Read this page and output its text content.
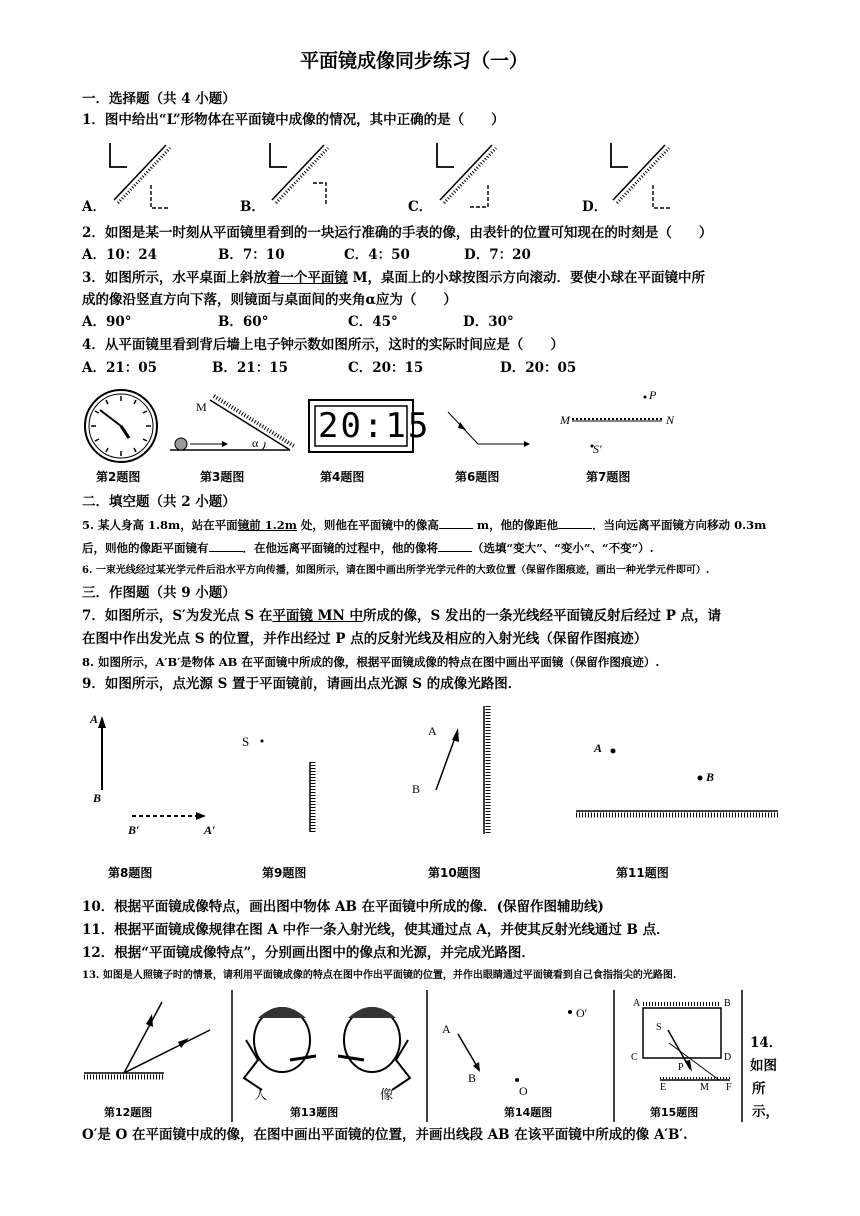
平面镜成像同步练习（一）
一．选择题（共 4 小题）
1．图中给出“L”形物体在平面镜中成像的情况，其中正确的是（　　）
A．	B．	C．	D．
2．如图是某一时刻从平面镜里看到的一块运行准确的手表的像，由表针的位置可知现在的时刻是（　　）
A．10：24	B．7：10	C．4：50	D．7：20
3．如图所示，水平桌面上斜放着一个平面镜 M，桌面上的小球按图示方向滚动．要使小球在平面镜中所
成的像沿竖直方向下落，则镜面与桌面间的夹角α应为（　　）
A．90°	B．60°	C．45°	D．30°
4．从平面镜里看到背后墙上电子钟示数如图所示，这时的实际时间应是（　　）
A．21：05	B．21：15	C．20：15	D．20：05
M
α 20:15	M	N
P
S′
第2题图	第3题图	第4题图	第6题图	第7题图
二．填空题（共 2 小题）
5. 某人身高 1.8m，站在平面镜前 1.2m 处，则他在平面镜中的像高	m，他的像距他	．当向远离平面镜方向移动 0.3m
后，则他的像距平面镜有	．在他远离平面镜的过程中，他的像将	（选填“变大”、“变小”、“不变”）.
6. 一束光线经过某光学元件后沿水平方向传播，如图所示，请在图中画出所学光学元件的大致位置（保留作图痕迹，画出一种光学元件即可）.
三．作图题（共 9 小题）
7．如图所示，S′为发光点 S 在平面镜 MN 中所成的像，S 发出的一条光线经平面镜反射后经过 P 点，请
在图中作出发光点 S 的位置，并作出经过 P 点的反射光线及相应的入射光线（保留作图痕迹）
8. 如图所示，A′B′是物体 AB 在平面镜中所成的像，根据平面镜成像的特点在图中画出平面镜（保留作图痕迹）.
9．如图所示，点光源 S 置于平面镜前，请画出点光源 S 的成像光路图．
A
B
B′	A′
S
A
B
A
B
第8题图	第9题图	第10题图	第11题图
10．根据平面镜成像特点，画出图中物体 AB 在平面镜中所成的像．(保留作图辅助线)
11．根据平面镜成像规律在图 A 中作一条入射光线，使其通过点 A，并使其反射光线通过 B 点．
12．根据“平面镜成像特点”，分别画出图中的像点和光源，并完成光路图．
13. 如图是人照镜子时的情景，请利用平面镜成像的特点在图中作出平面镜的位置，并作出眼睛通过平面镜看到自己食指指尖的光路图.
人	像
A
B
O
O′
A	B
C	D
S
P
E	M F
第12题图	第13题图	第14题图	第15题图
14．
如图
所
示，
O′是 O 在平面镜中成的像，在图中画出平面镜的位置，并画出线段 AB 在该平面镜中所成的像 A′B′.
